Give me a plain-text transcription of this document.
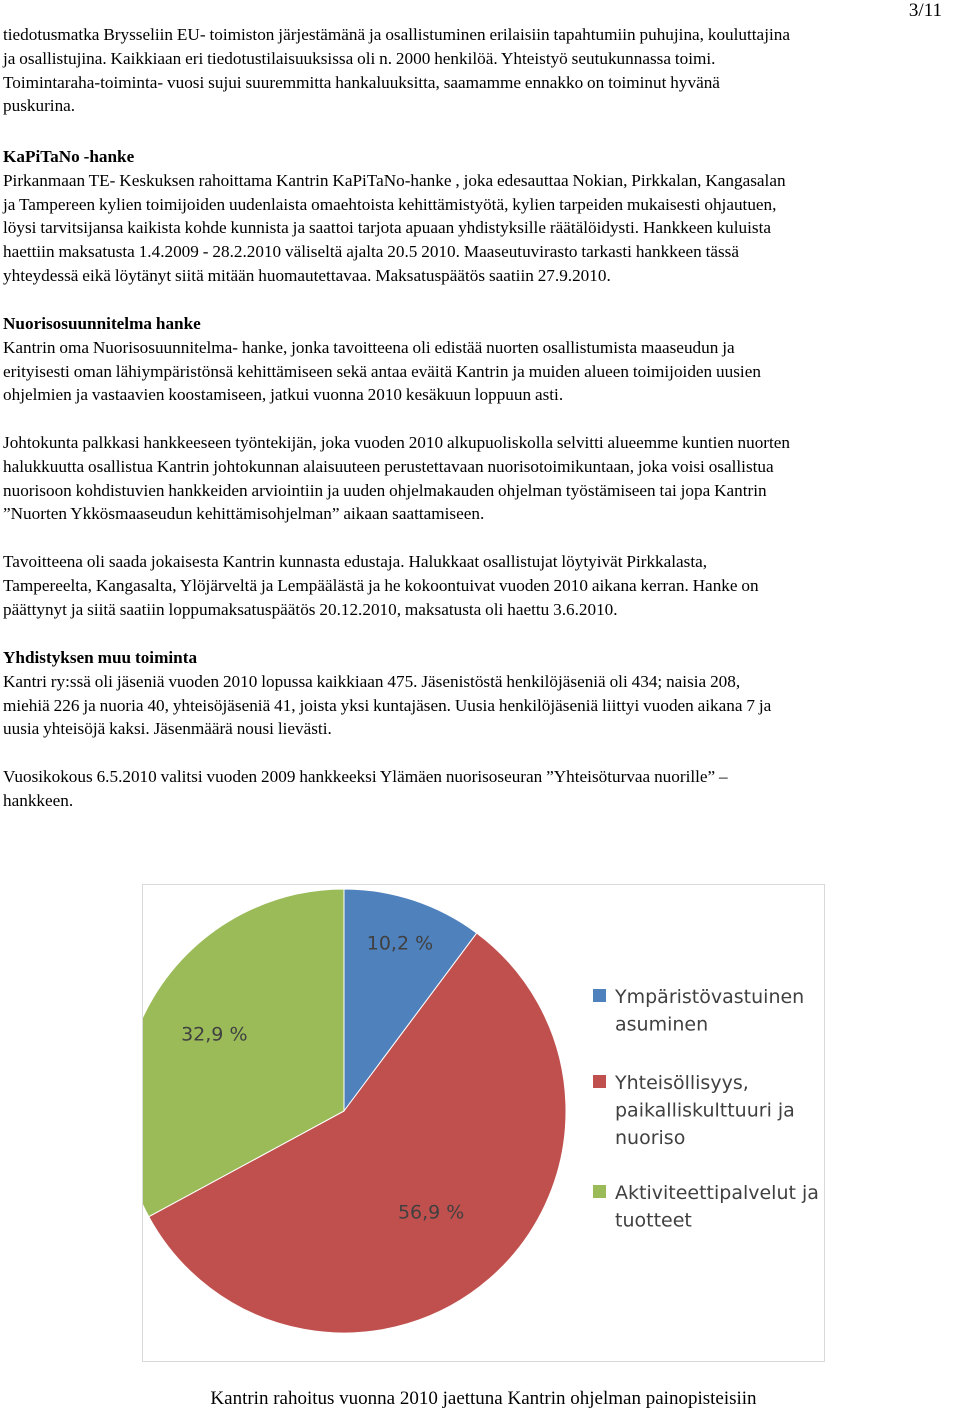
3/11
tiedotusmatka Brysseliin EU- toimiston järjestämänä ja osallistuminen erilaisiin tapahtumiin puhujina, kouluttajina
ja osallistujina. Kaikkiaan eri tiedotustilaisuuksissa oli n. 2000 henkilöä. Yhteistyö seutukunnassa toimi.
Toimintaraha-toiminta- vuosi sujui suuremmitta hankaluuksitta, saamamme ennakko on toiminut hyvänä
puskurina.
KaPiTaNo -hanke
Pirkanmaan TE- Keskuksen rahoittama Kantrin KaPiTaNo-hanke , joka edesauttaa Nokian, Pirkkalan, Kangasalan
ja Tampereen kylien toimijoiden uudenlaista omaehtoista kehittämistyötä, kylien tarpeiden mukaisesti ohjautuen,
löysi tarvitsijansa kaikista kohde kunnista ja saattoi tarjota apuaan yhdistyksille räätälöidysti. Hankkeen kuluista
haettiin maksatusta 1.4.2009 - 28.2.2010 väliseltä ajalta 20.5 2010. Maaseutuvirasto tarkasti hankkeen tässä
yhteydessä eikä löytänyt siitä mitään huomautettavaa. Maksatuspäätös saatiin 27.9.2010.
Nuorisosuunnitelma hanke
Kantrin oma Nuorisosuunnitelma- hanke, jonka tavoitteena oli edistää nuorten osallistumista maaseudun ja
erityisesti oman lähiympäristönsä kehittämiseen sekä antaa eväitä Kantrin ja muiden alueen toimijoiden uusien
ohjelmien ja vastaavien koostamiseen, jatkui vuonna 2010 kesäkuun loppuun asti.
Johtokunta palkkasi hankkeeseen työntekijän, joka vuoden 2010 alkupuoliskolla selvitti alueemme kuntien nuorten
halukkuutta osallistua Kantrin johtokunnan alaisuuteen perustettavaan nuorisotoimikuntaan, joka voisi osallistua
nuorisoon kohdistuvien hankkeiden arviointiin ja uuden ohjelmakauden ohjelman työstämiseen tai jopa Kantrin
”Nuorten Ykkösmaaseudun kehittämisohjelman” aikaan saattamiseen.
Tavoitteena oli saada jokaisesta Kantrin kunnasta edustaja. Halukkaat osallistujat löytyivät Pirkkalasta,
Tampereelta, Kangasalta, Ylöjärveltä ja Lempäälästä ja he kokoontuivat vuoden 2010 aikana kerran. Hanke on
päättynyt ja siitä saatiin loppumaksatuspäätös 20.12.2010, maksatusta oli haettu 3.6.2010.
Yhdistyksen muu toiminta
Kantri ry:ssä oli jäseniä vuoden 2010 lopussa kaikkiaan 475. Jäsenistöstä henkilöjäseniä oli 434; naisia 208,
miehiä 226 ja nuoria 40, yhteisöjäseniä 41, joista yksi kuntajäsen. Uusia henkilöjäseniä liittyi vuoden aikana 7 ja
uusia yhteisöjä kaksi. Jäsenmäärä nousi lievästi.
Vuosikokous 6.5.2010 valitsi vuoden 2009 hankkeeksi Ylämäen nuorisoseuran ”Yhteisöturvaa nuorille” –
hankkeen.
10,2 %
56,9 %
32,9 %
Ympäristövastuinen
asuminen
Yhteisöllisyys,
paikalliskulttuuri ja
nuoriso
Aktiviteettipalvelut ja
tuotteet
Kantrin rahoitus vuonna 2010 jaettuna Kantrin ohjelman painopisteisiin
